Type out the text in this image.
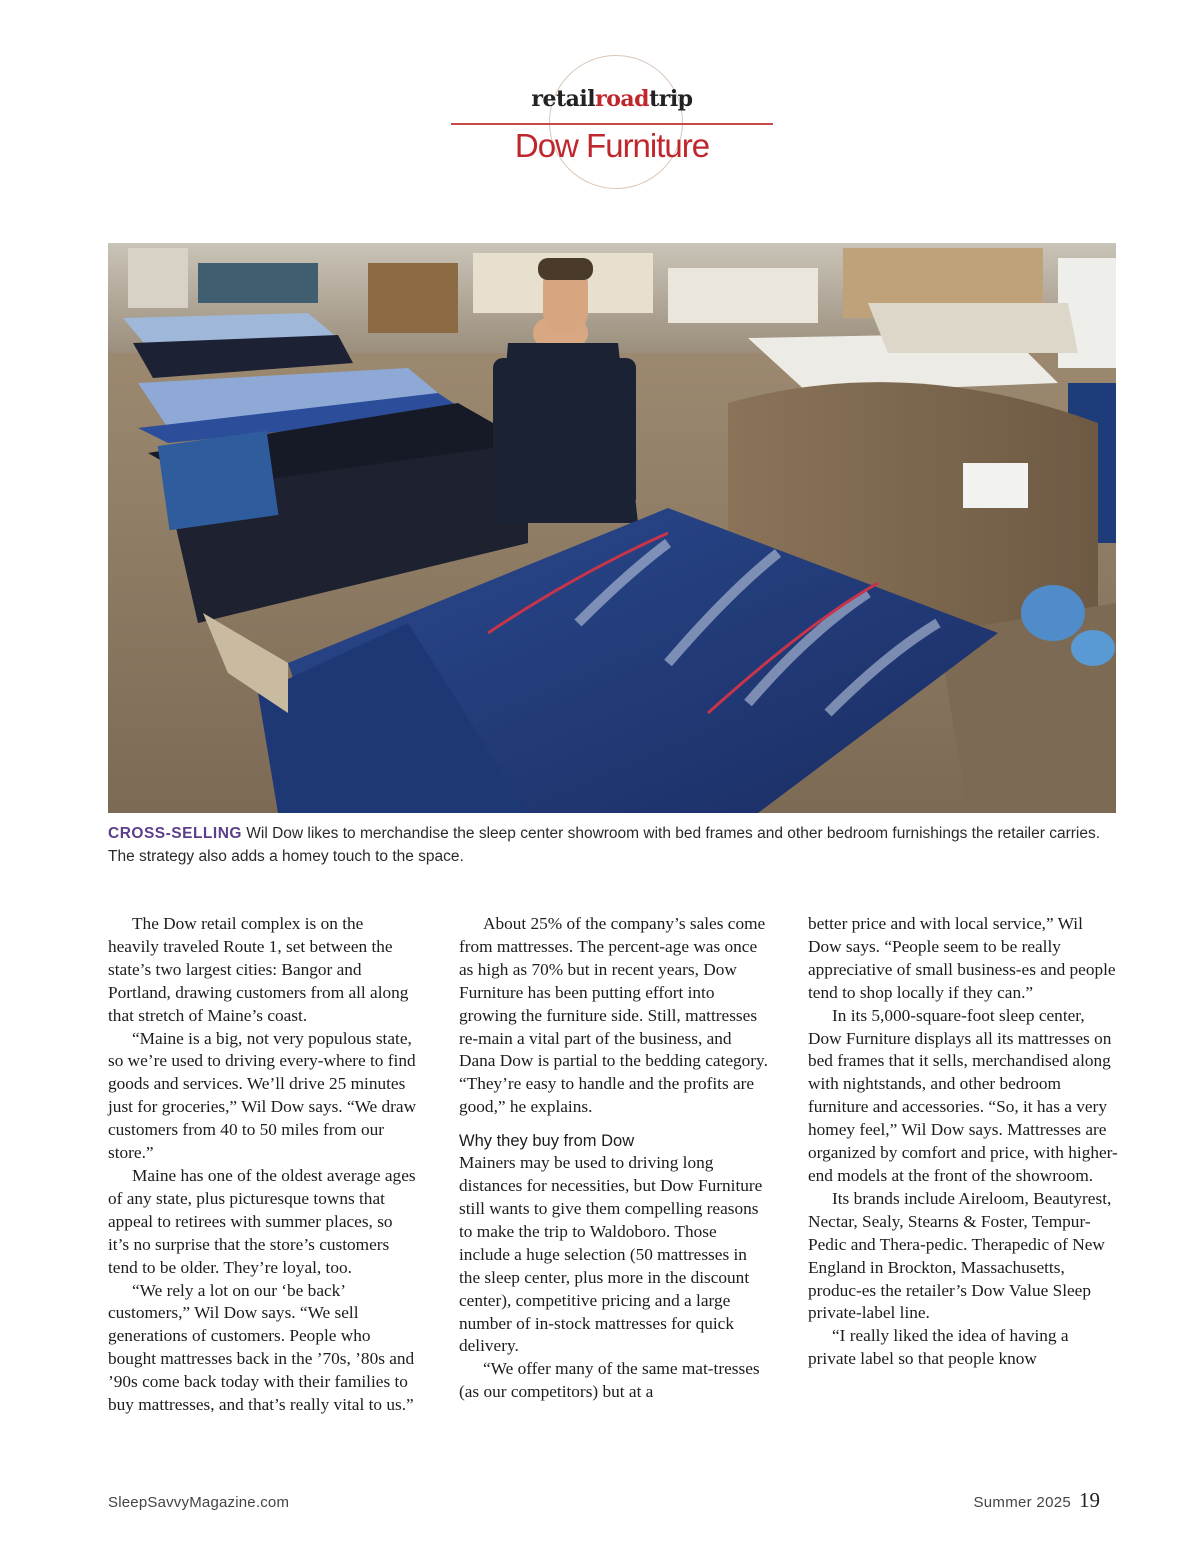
retailroadtrip
Dow Furniture
CROSS-SELLING Wil Dow likes to merchandise the sleep center showroom with bed frames and other bedroom furnishings the retailer carries. The strategy also adds a homey touch to the space.

The Dow retail complex is on the heavily traveled Route 1, set between the state’s two largest cities: Bangor and Portland, drawing customers from all along that stretch of Maine’s coast.

“Maine is a big, not very populous state, so we’re used to driving every-where to find goods and services. We’ll drive 25 minutes just for groceries,” Wil Dow says. “We draw customers from 40 to 50 miles from our store.”

Maine has one of the oldest average ages of any state, plus picturesque towns that appeal to retirees with summer places, so it’s no surprise that the store’s customers tend to be older. They’re loyal, too.

“We rely a lot on our ‘be back’ customers,” Wil Dow says. “We sell generations of customers. People who bought mattresses back in the ’70s, ’80s and ’90s come back today with their families to buy mattresses, and that’s really vital to us.”

About 25% of the company’s sales come from mattresses. The percent-age was once as high as 70% but in recent years, Dow Furniture has been putting effort into growing the furniture side. Still, mattresses re-main a vital part of the business, and Dana Dow is partial to the bedding category. “They’re easy to handle and the profits are good,” he explains.

Why they buy from Dow

Mainers may be used to driving long distances for necessities, but Dow Furniture still wants to give them compelling reasons to make the trip to Waldoboro. Those include a huge selection (50 mattresses in the sleep center, plus more in the discount center), competitive pricing and a large number of in-stock mattresses for quick delivery.

“We offer many of the same mat-tresses (as our competitors) but at a

better price and with local service,” Wil Dow says. “People seem to be really appreciative of small business-es and people tend to shop locally if they can.”

In its 5,000-square-foot sleep center, Dow Furniture displays all its mattresses on bed frames that it sells, merchandised along with nightstands, and other bedroom furniture and accessories. “So, it has a very homey feel,” Wil Dow says. Mattresses are organized by comfort and price, with higher-end models at the front of the showroom.

Its brands include Aireloom, Beautyrest, Nectar, Sealy, Stearns & Foster, Tempur-Pedic and Thera-pedic. Therapedic of New England in Brockton, Massachusetts, produc-es the retailer’s Dow Value Sleep private-label line.

“I really liked the idea of having a private label so that people know

SleepSavvyMagazine.com	Summer 2025 19
